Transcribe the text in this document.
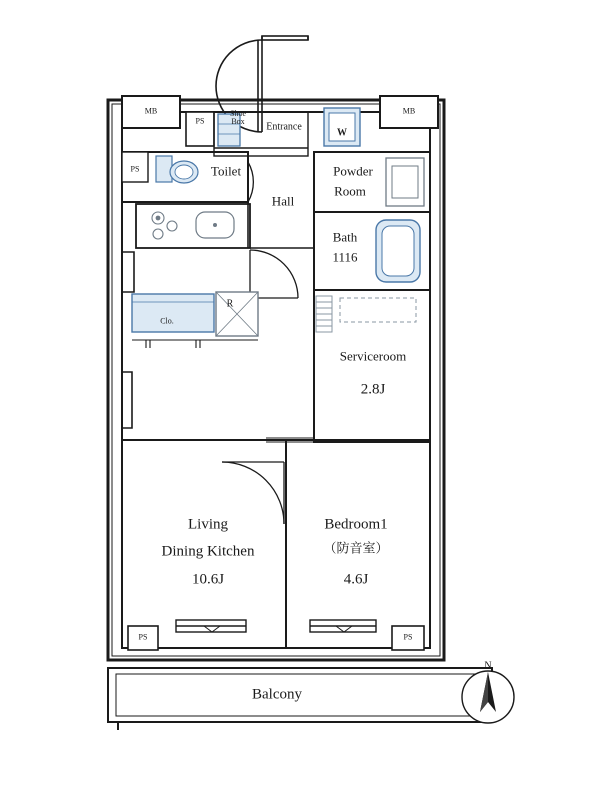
MB	MB
PS
PS
PS	PS
Shoe
Box Entrance
Hall
Toilet	Powder
Room
Bath
1116
Serviceroom
2.8J
Clo.
R
W
Living
Dining Kitchen
10.6J
Bedroom1
（防音室）
4.6J
Balcony
N
